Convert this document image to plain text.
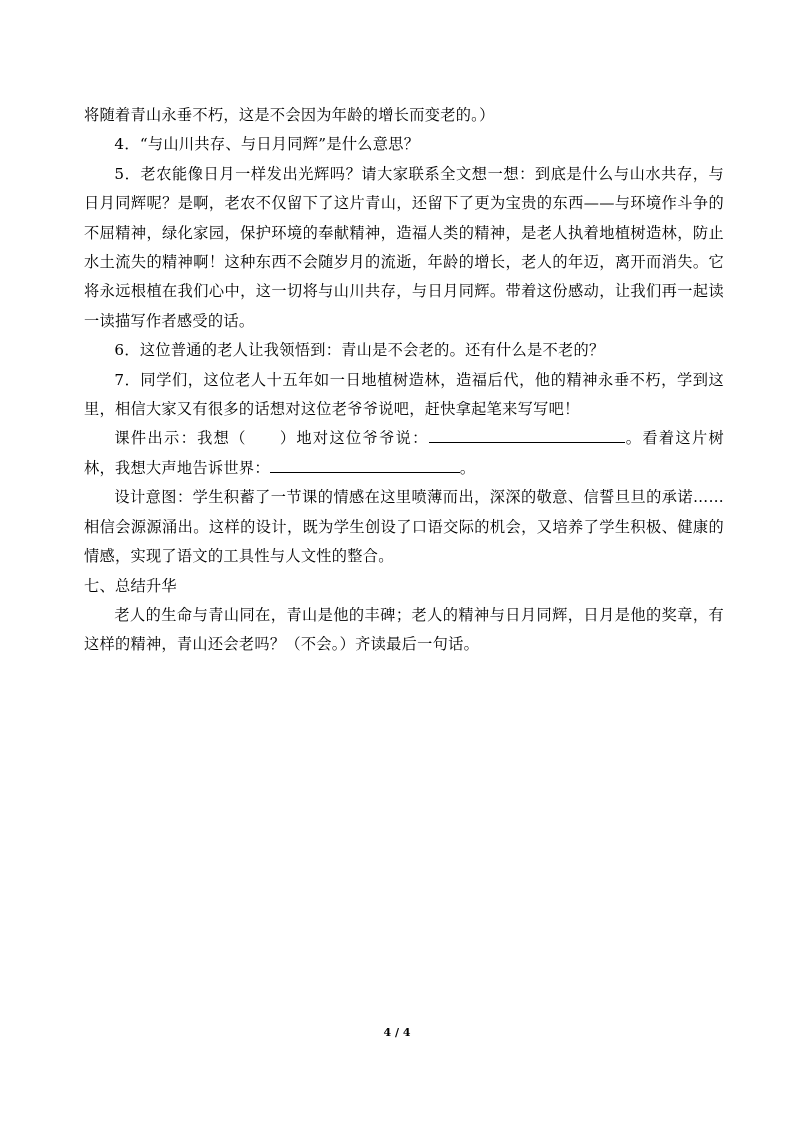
将随着青山永垂不朽，这是不会因为年龄的增长而变老的。）

4．“与山川共存、与日月同辉”是什么意思？

5．老农能像日月一样发出光辉吗？请大家联系全文想一想：到底是什么与山水共存，与日月同辉呢？是啊，老农不仅留下了这片青山，还留下了更为宝贵的东西——与环境作斗争的不屈精神，绿化家园，保护环境的奉献精神，造福人类的精神，是老人执着地植树造林，防止水土流失的精神啊！这种东西不会随岁月的流逝，年龄的增长，老人的年迈，离开而消失。它将永远根植在我们心中，这一切将与山川共存，与日月同辉。带着这份感动，让我们再一起读一读描写作者感受的话。

6．这位普通的老人让我领悟到：青山是不会老的。还有什么是不老的？

7．同学们，这位老人十五年如一日地植树造林，造福后代，他的精神永垂不朽，学到这里，相信大家又有很多的话想对这位老爷爷说吧，赶快拿起笔来写写吧！

课件出示：我想（　　）地对这位爷爷说：	。看着这片树林，我想大声地告诉世界：	。

设计意图：学生积蓄了一节课的情感在这里喷薄而出，深深的敬意、信誓旦旦的承诺……相信会源源涌出。这样的设计，既为学生创设了口语交际的机会，又培养了学生积极、健康的情感，实现了语文的工具性与人文性的整合。

七、总结升华

老人的生命与青山同在，青山是他的丰碑；老人的精神与日月同辉，日月是他的奖章，有这样的精神，青山还会老吗？（不会。）齐读最后一句话。

4 / 4
